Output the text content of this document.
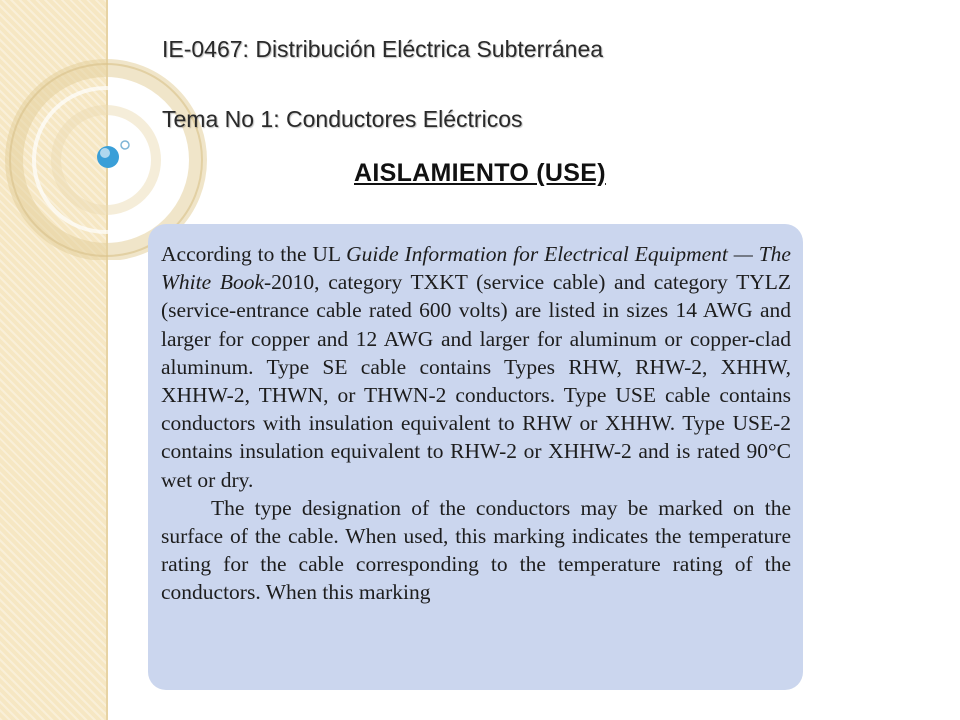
IE-0467: Distribución Eléctrica Subterránea
Tema No 1: Conductores Eléctricos
AISLAMIENTO (USE)

According to the UL Guide Information for Electrical Equipment — The White Book-2010, category TXKT (service cable) and category TYLZ (service-entrance cable rated 600 volts) are listed in sizes 14 AWG and larger for copper and 12 AWG and larger for aluminum or copper-clad aluminum. Type SE cable contains Types RHW, RHW-2, XHHW, XHHW-2, THWN, or THWN-2 conductors. Type USE cable contains conductors with insulation equivalent to RHW or XHHW. Type USE-2 contains insulation equivalent to RHW-2 or XHHW-2 and is rated 90°C wet or dry.

The type designation of the conductors may be marked on the surface of the cable. When used, this marking indicates the temperature rating for the cable corresponding to the temperature rating of the conductors. When this marking
